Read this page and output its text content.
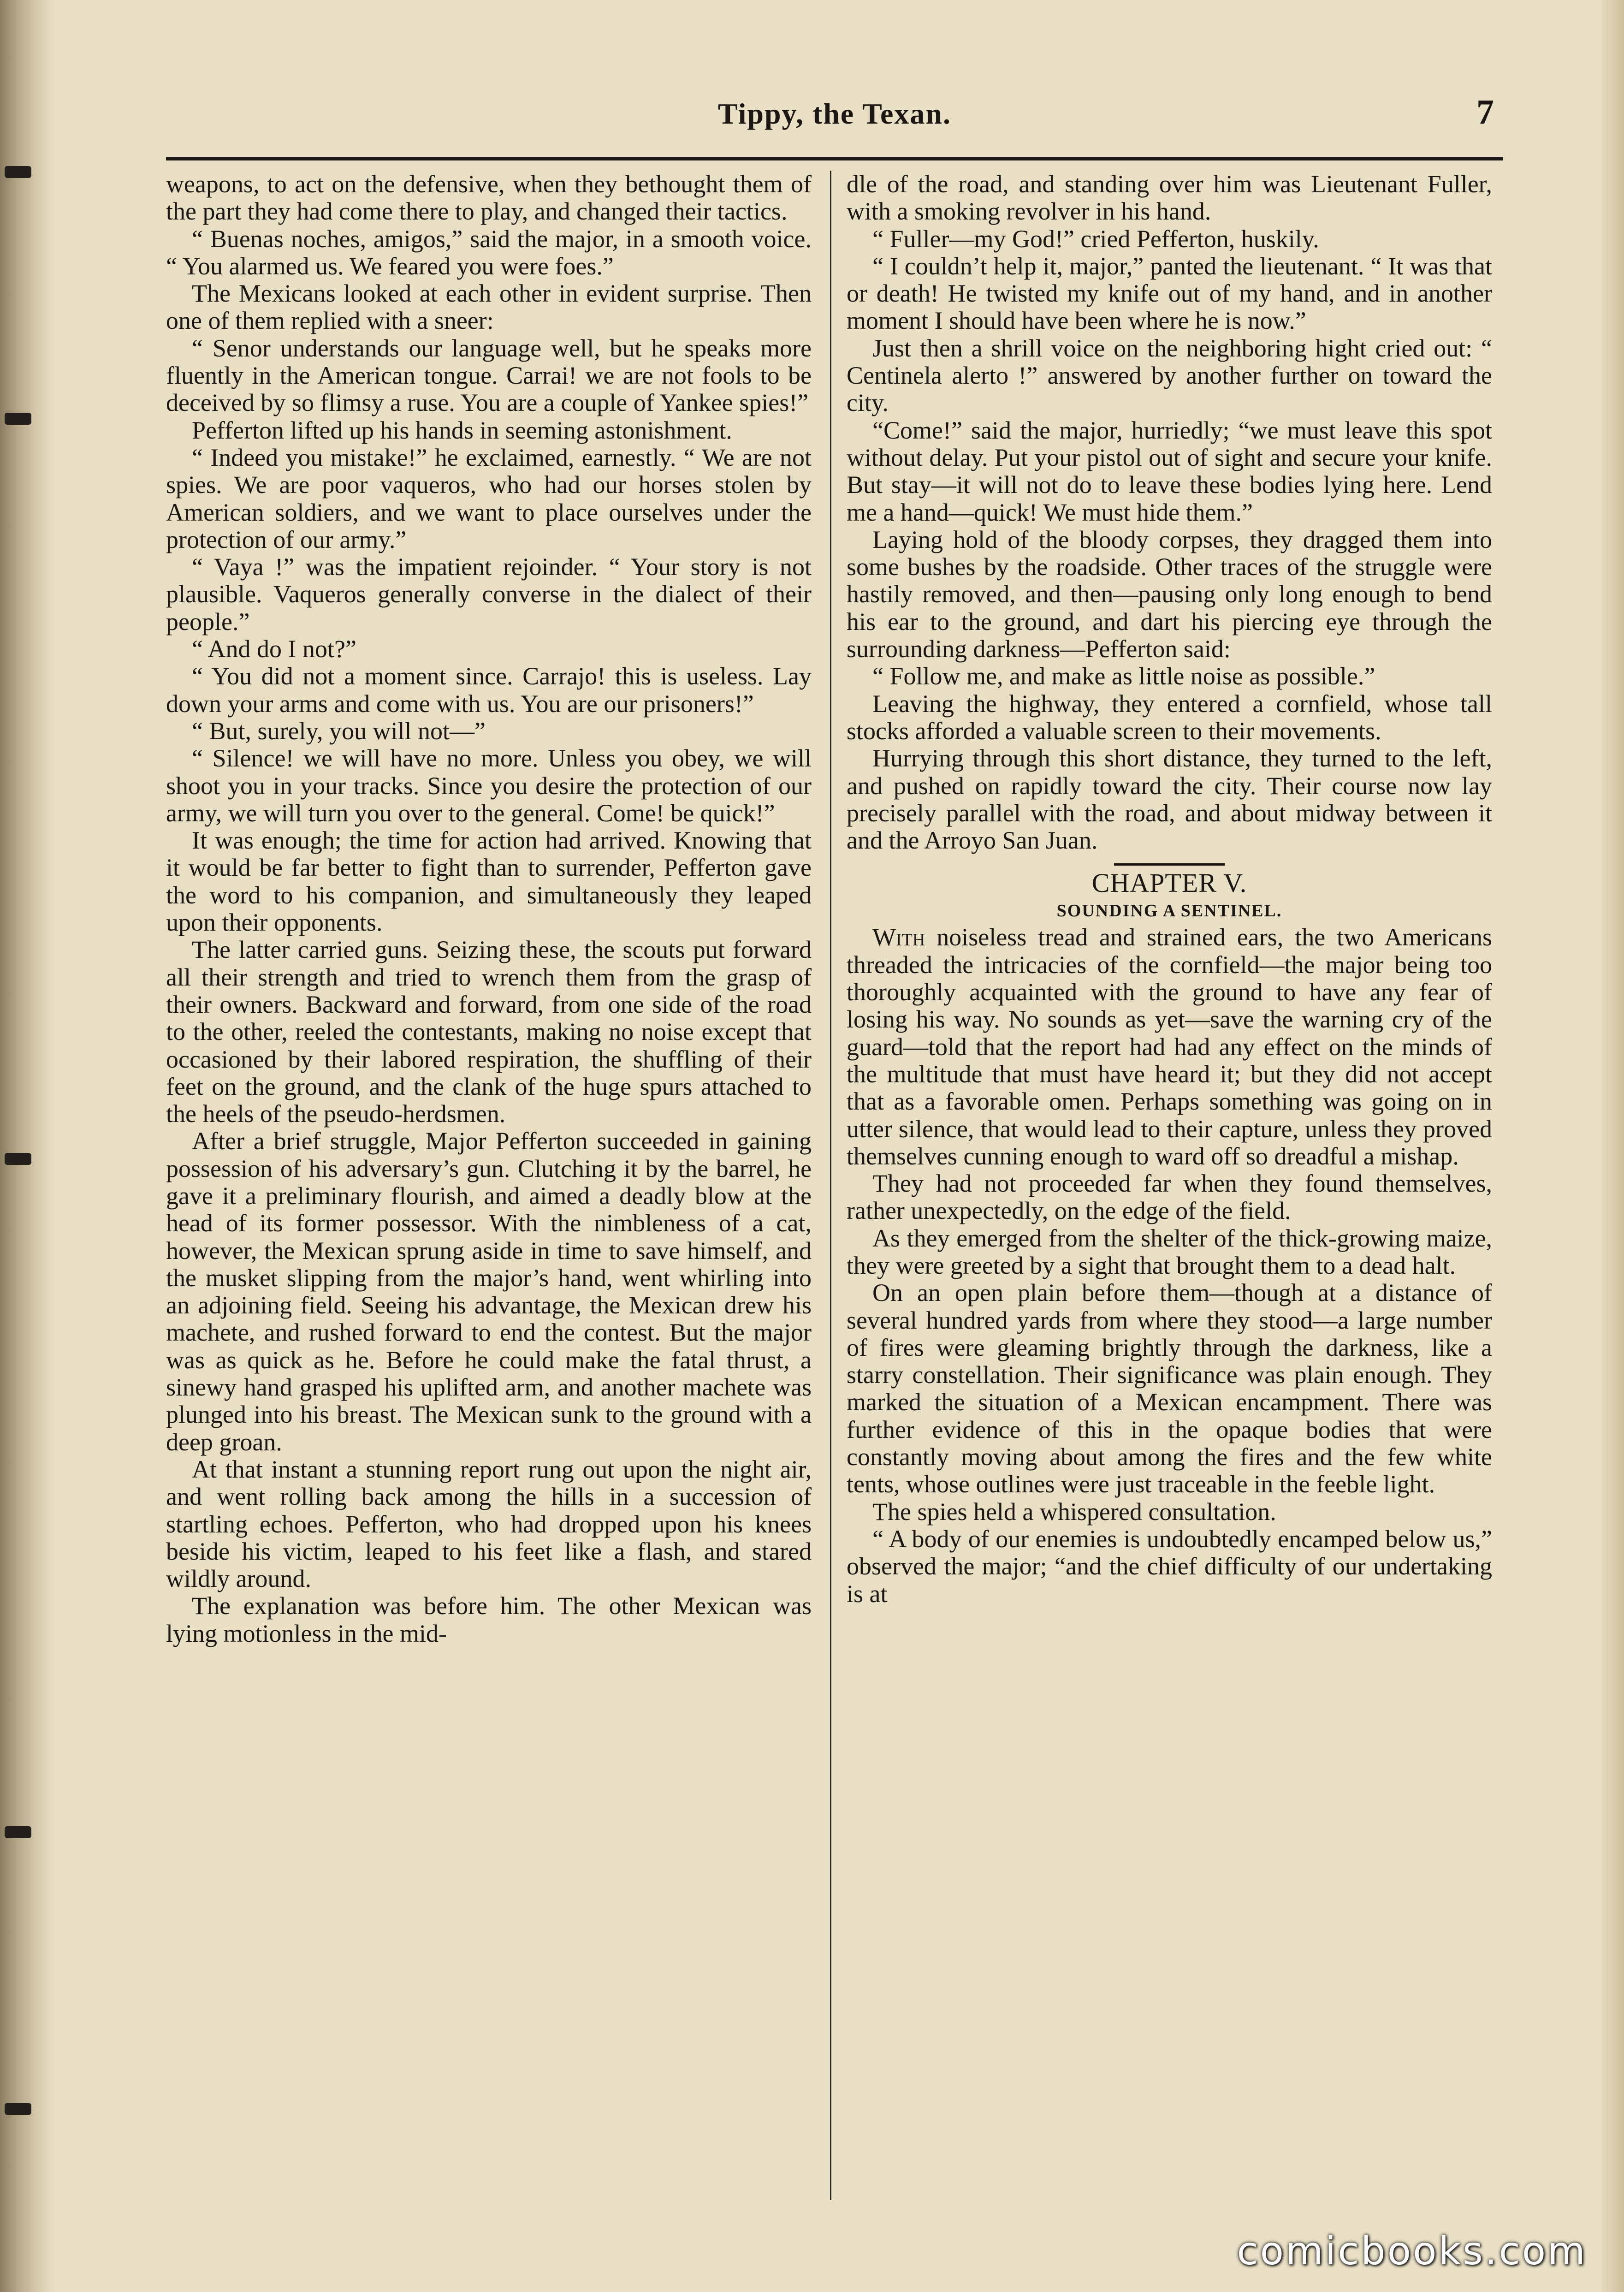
Tippy, the Texan.	7

weapons, to act on the defensive, when they bethought them of the part they had come there to play, and changed their tactics.

“ Buenas noches, amigos,” said the major, in a smooth voice. “ You alarmed us. We feared you were foes.”

The Mexicans looked at each other in evident surprise. Then one of them replied with a sneer:

“ Senor understands our language well, but he speaks more fluently in the American tongue. Carrai! we are not fools to be deceived by so flimsy a ruse. You are a couple of Yankee spies!”

Pefferton lifted up his hands in seeming astonishment.

“ Indeed you mistake!” he exclaimed, earnestly. “ We are not spies. We are poor vaqueros, who had our horses stolen by American soldiers, and we want to place ourselves under the protection of our army.”

“ Vaya !” was the impatient rejoinder. “ Your story is not plausible. Vaqueros generally converse in the dialect of their people.”

“ And do I not?”

“ You did not a moment since. Carrajo! this is useless. Lay down your arms and come with us. You are our prisoners!”

“ But, surely, you will not—”

“ Silence! we will have no more. Unless you obey, we will shoot you in your tracks. Since you desire the protection of our army, we will turn you over to the general. Come! be quick!”

It was enough; the time for action had arrived. Knowing that it would be far better to fight than to surrender, Pefferton gave the word to his companion, and simultaneously they leaped upon their opponents.

The latter carried guns. Seizing these, the scouts put forward all their strength and tried to wrench them from the grasp of their owners. Backward and forward, from one side of the road to the other, reeled the contestants, making no noise except that occasioned by their labored respiration, the shuffling of their feet on the ground, and the clank of the huge spurs attached to the heels of the pseudo-herdsmen.

After a brief struggle, Major Pefferton succeeded in gaining possession of his adversary’s gun. Clutching it by the barrel, he gave it a preliminary flourish, and aimed a deadly blow at the head of its former possessor. With the nimbleness of a cat, however, the Mexican sprung aside in time to save himself, and the musket slipping from the major’s hand, went whirling into an adjoining field. Seeing his advantage, the Mexican drew his machete, and rushed forward to end the contest. But the major was as quick as he. Before he could make the fatal thrust, a sinewy hand grasped his uplifted arm, and another machete was plunged into his breast. The Mexican sunk to the ground with a deep groan.

At that instant a stunning report rung out upon the night air, and went rolling back among the hills in a succession of startling echoes. Pefferton, who had dropped upon his knees beside his victim, leaped to his feet like a flash, and stared wildly around.

The explanation was before him. The other Mexican was lying motionless in the mid-

dle of the road, and standing over him was Lieutenant Fuller, with a smoking revolver in his hand.

“ Fuller—my God!” cried Pefferton, huskily.

“ I couldn’t help it, major,” panted the lieutenant. “ It was that or death! He twisted my knife out of my hand, and in another moment I should have been where he is now.”

Just then a shrill voice on the neighboring hight cried out: “ Centinela alerto !” answered by another further on toward the city.

“Come!” said the major, hurriedly; “we must leave this spot without delay. Put your pistol out of sight and secure your knife. But stay—it will not do to leave these bodies lying here. Lend me a hand—quick! We must hide them.”

Laying hold of the bloody corpses, they dragged them into some bushes by the roadside. Other traces of the struggle were hastily removed, and then—pausing only long enough to bend his ear to the ground, and dart his piercing eye through the surrounding darkness—Pefferton said:

“ Follow me, and make as little noise as possible.”

Leaving the highway, they entered a cornfield, whose tall stocks afforded a valuable screen to their movements.

Hurrying through this short distance, they turned to the left, and pushed on rapidly toward the city. Their course now lay precisely parallel with the road, and about midway between it and the Arroyo San Juan.

CHAPTER V.
SOUNDING A SENTINEL.

With noiseless tread and strained ears, the two Americans threaded the intricacies of the cornfield—the major being too thoroughly acquainted with the ground to have any fear of losing his way. No sounds as yet—save the warning cry of the guard—told that the report had had any effect on the minds of the multitude that must have heard it; but they did not accept that as a favorable omen. Perhaps something was going on in utter silence, that would lead to their capture, unless they proved themselves cunning enough to ward off so dreadful a mishap.

They had not proceeded far when they found themselves, rather unexpectedly, on the edge of the field.

As they emerged from the shelter of the thick-growing maize, they were greeted by a sight that brought them to a dead halt.

On an open plain before them—though at a distance of several hundred yards from where they stood—a large number of fires were gleaming brightly through the darkness, like a starry constellation. Their significance was plain enough. They marked the situation of a Mexican encampment. There was further evidence of this in the opaque bodies that were constantly moving about among the fires and the few white tents, whose outlines were just traceable in the feeble light.

The spies held a whispered consultation.

“ A body of our enemies is undoubtedly encamped below us,” observed the major; “and the chief difficulty of our undertaking is at

comicbooks.com
